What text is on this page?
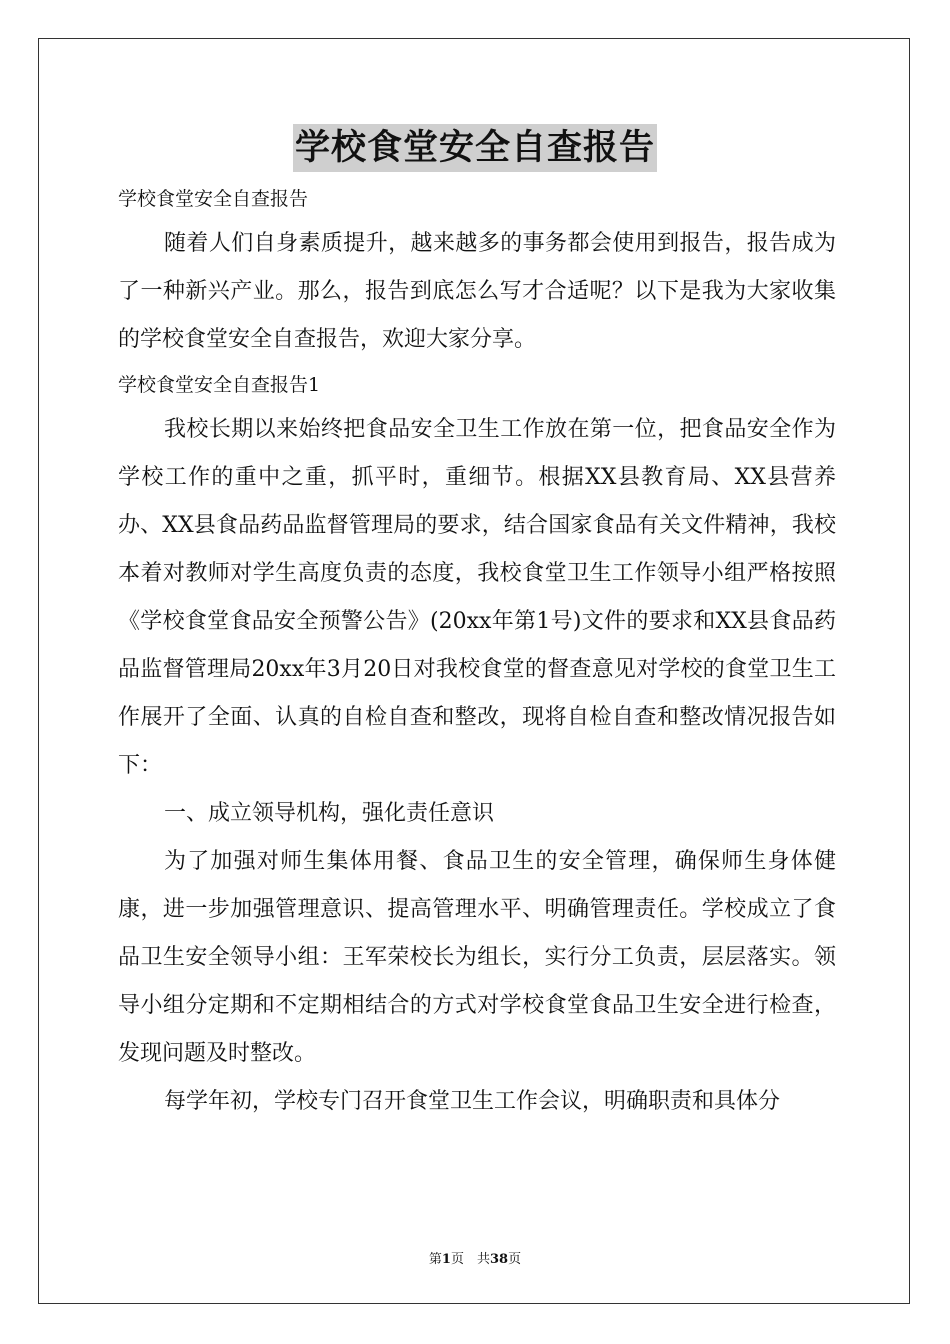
学校食堂安全自查报告

学校食堂安全自查报告

随着人们自身素质提升，越来越多的事务都会使用到报告，报告成为了一种新兴产业。那么，报告到底怎么写才合适呢？以下是我为大家收集的学校食堂安全自查报告，欢迎大家分享。

学校食堂安全自查报告1

我校长期以来始终把食品安全卫生工作放在第一位，把食品安全作为学校工作的重中之重，抓平时，重细节。根据XX县教育局、XX县营养办、XX县食品药品监督管理局的要求，结合国家食品有关文件精神，我校本着对教师对学生高度负责的态度，我校食堂卫生工作领导小组严格按照《学校食堂食品安全预警公告》(20xx年第1号)文件的要求和XX县食品药品监督管理局20xx年3月20日对我校食堂的督查意见对学校的食堂卫生工作展开了全面、认真的自检自查和整改，现将自检自查和整改情况报告如下：

一、成立领导机构，强化责任意识

为了加强对师生集体用餐、食品卫生的安全管理，确保师生身体健康，进一步加强管理意识、提高管理水平、明确管理责任。学校成立了食品卫生安全领导小组：王军荣校长为组长，实行分工负责，层层落实。领导小组分定期和不定期相结合的方式对学校食堂食品卫生安全进行检查，发现问题及时整改。

每学年初，学校专门召开食堂卫生工作会议，明确职责和具体分

第1页　共38页
